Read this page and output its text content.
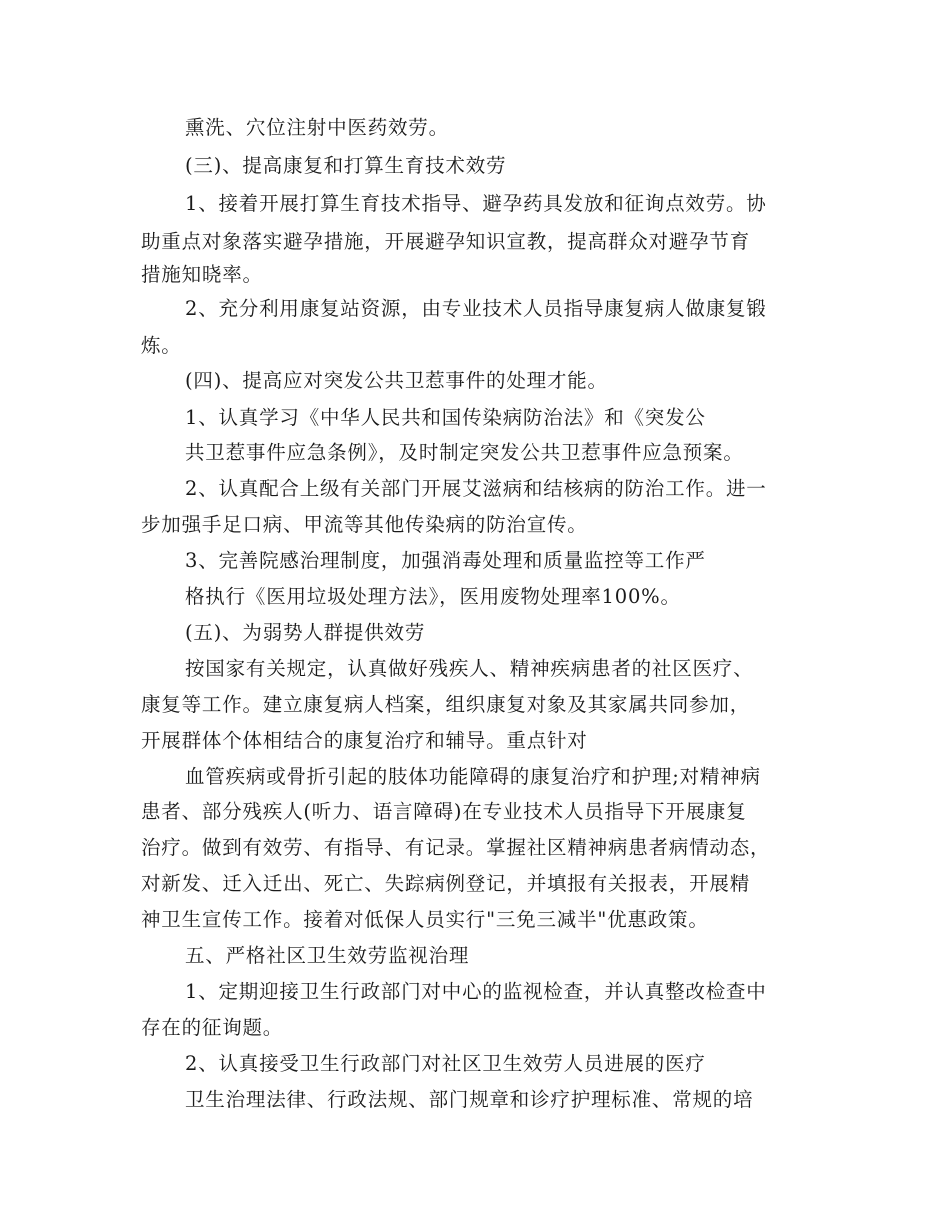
熏洗、穴位注射中医药效劳。
(三)、提高康复和打算生育技术效劳
1、接着开展打算生育技术指导、避孕药具发放和征询点效劳。协
助重点对象落实避孕措施，开展避孕知识宣教，提高群众对避孕节育
措施知晓率。
2、充分利用康复站资源，由专业技术人员指导康复病人做康复锻
炼。
(四)、提高应对突发公共卫惹事件的处理才能。
1、认真学习《中华人民共和国传染病防治法》和《突发公
共卫惹事件应急条例》，及时制定突发公共卫惹事件应急预案。
2、认真配合上级有关部门开展艾滋病和结核病的防治工作。进一
步加强手足口病、甲流等其他传染病的防治宣传。
3、完善院感治理制度，加强消毒处理和质量监控等工作严
格执行《医用垃圾处理方法》，医用废物处理率100%。
(五)、为弱势人群提供效劳
按国家有关规定，认真做好残疾人、精神疾病患者的社区医疗、
康复等工作。建立康复病人档案，组织康复对象及其家属共同参加，
开展群体个体相结合的康复治疗和辅导。重点针对
血管疾病或骨折引起的肢体功能障碍的康复治疗和护理;对精神病
患者、部分残疾人(听力、语言障碍)在专业技术人员指导下开展康复
治疗。做到有效劳、有指导、有记录。掌握社区精神病患者病情动态，
对新发、迁入迁出、死亡、失踪病例登记，并填报有关报表，开展精
神卫生宣传工作。接着对低保人员实行"三免三减半"优惠政策。
五、严格社区卫生效劳监视治理
1、定期迎接卫生行政部门对中心的监视检查，并认真整改检查中
存在的征询题。
2、认真接受卫生行政部门对社区卫生效劳人员进展的医疗
卫生治理法律、行政法规、部门规章和诊疗护理标准、常规的培
